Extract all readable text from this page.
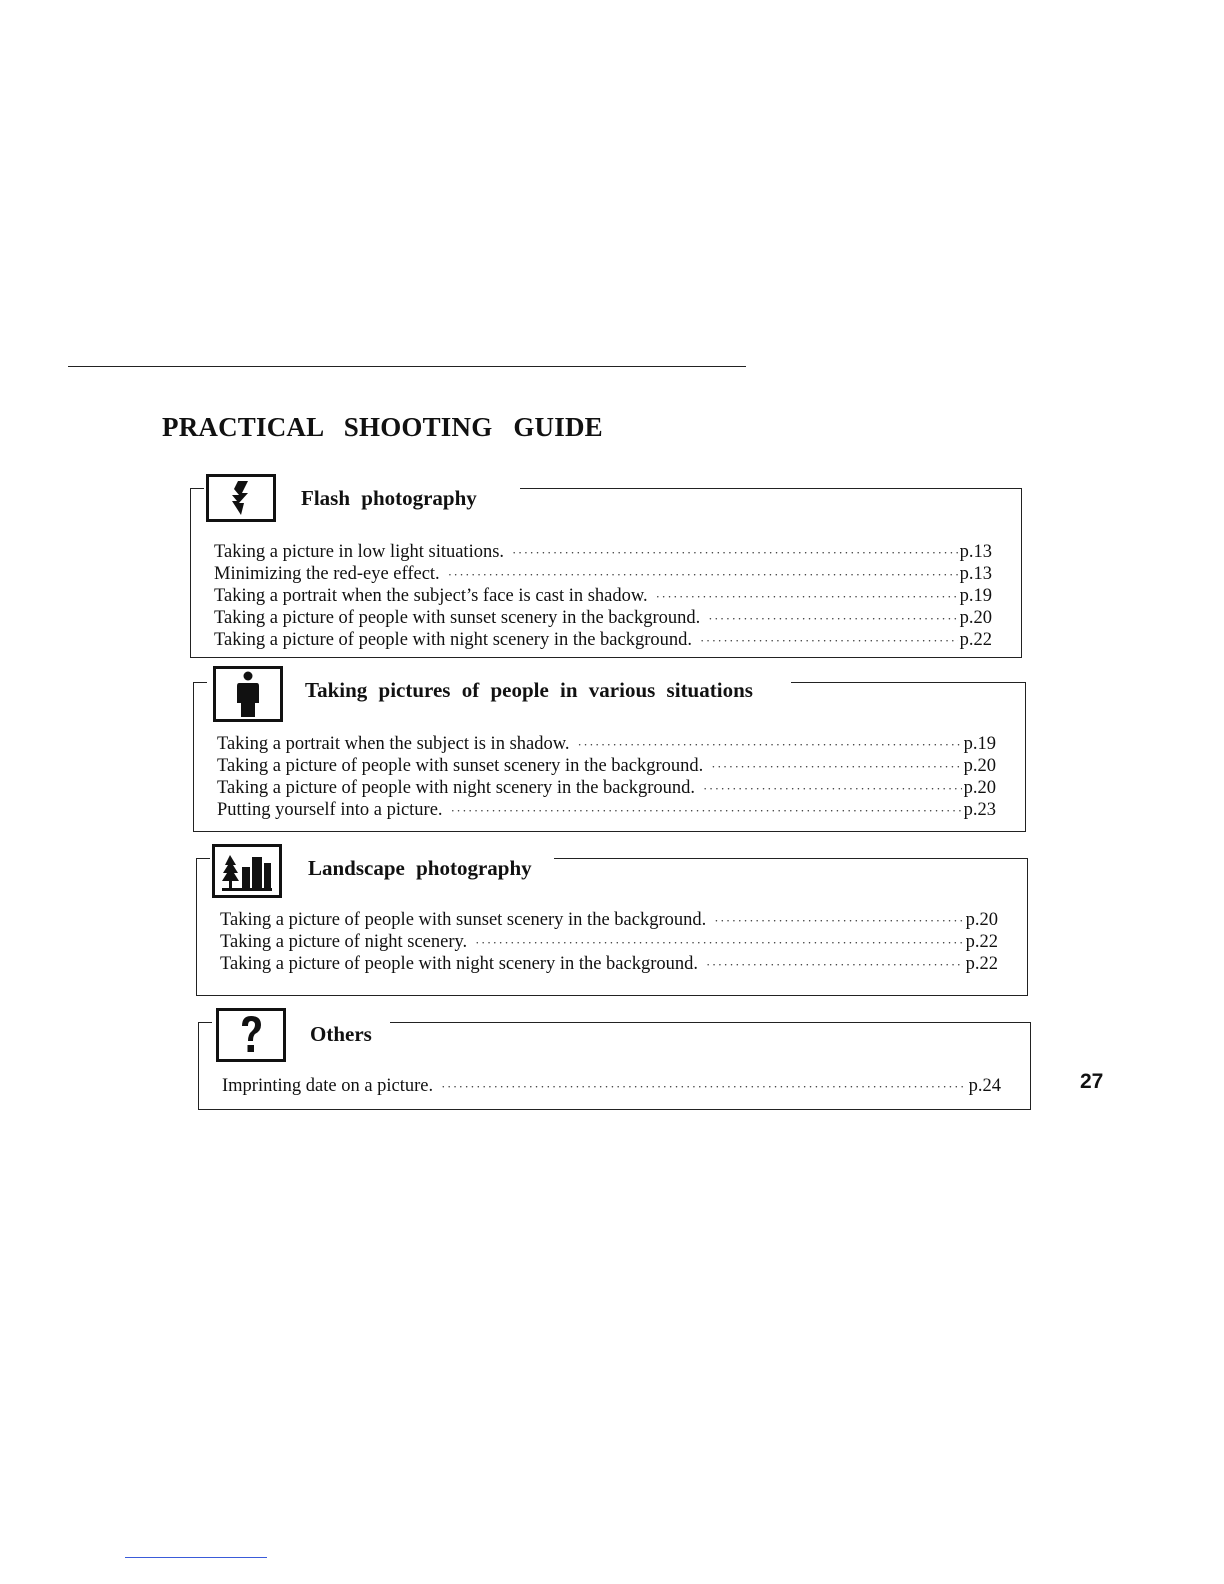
PRACTICAL SHOOTING GUIDE
Flash photography
Taking a picture in low light situations. ·····	p.13
Minimizing the red-eye effect. ·····	p.13
Taking a portrait when the subject’s face is cast in shadow. ·····	p.19
Taking a picture of people with sunset scenery in the background. ·····	p.20
Taking a picture of people with night scenery in the background. ·····	p.22
Taking pictures of people in various situations
Taking a portrait when the subject is in shadow. ·····	p.19
Taking a picture of people with sunset scenery in the background. ·····	p.20
Taking a picture of people with night scenery in the background. ·····	p.20
Putting yourself into a picture. ·····	p.23
Landscape photography
Taking a picture of people with sunset scenery in the background. ·····	p.20
Taking a picture of night scenery. ·····	p.22
Taking a picture of people with night scenery in the background. ·····	p.22
Others
Imprinting date on a picture. ·····	p.24	27
